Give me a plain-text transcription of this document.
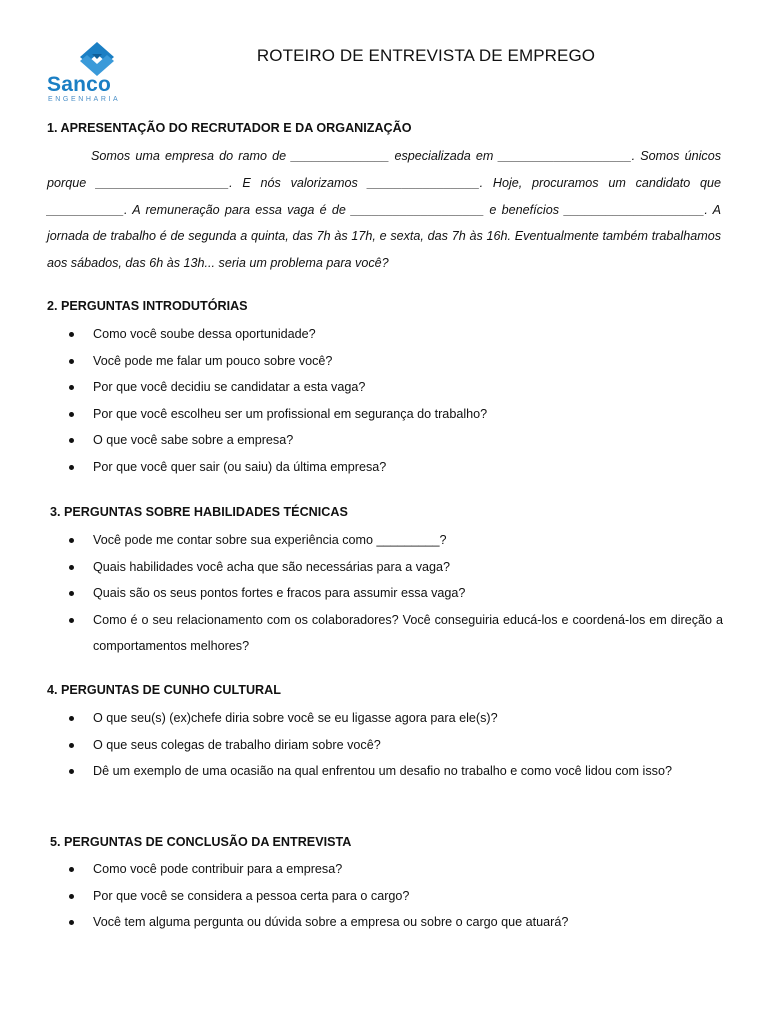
Sanco
ENGENHARIA
ROTEIRO DE ENTREVISTA DE EMPREGO
1. APRESENTAÇÃO DO RECRUTADOR E DA ORGANIZAÇÃO

Somos uma empresa do ramo de ______________ especializada em ___________________. Somos únicos porque ___________________. E nós valorizamos ________________. Hoje, procuramos um candidato que ___________. A remuneração para essa vaga é de ___________________ e benefícios ____________________. A jornada de trabalho é de segunda a quinta, das 7h às 17h, e sexta, das 7h às 16h. Eventualmente também trabalhamos aos sábados, das 6h às 13h... seria um problema para você?

2. PERGUNTAS INTRODUTÓRIAS
Como você soube dessa oportunidade?
Você pode me falar um pouco sobre você?
Por que você decidiu se candidatar a esta vaga?
Por que você escolheu ser um profissional em segurança do trabalho?
O que você sabe sobre a empresa?
Por que você quer sair (ou saiu) da última empresa?
3. PERGUNTAS SOBRE HABILIDADES TÉCNICAS
Você pode me contar sobre sua experiência como _________?
Quais habilidades você acha que são necessárias para a vaga?
Quais são os seus pontos fortes e fracos para assumir essa vaga?
Como é o seu relacionamento com os colaboradores? Você conseguiria educá-los e coordená-los em direção a comportamentos melhores?
4. PERGUNTAS DE CUNHO CULTURAL
O que seu(s) (ex)chefe diria sobre você se eu ligasse agora para ele(s)?
O que seus colegas de trabalho diriam sobre você?
Dê um exemplo de uma ocasião na qual enfrentou um desafio no trabalho e como você lidou com isso?
5. PERGUNTAS DE CONCLUSÃO DA ENTREVISTA
Como você pode contribuir para a empresa?
Por que você se considera a pessoa certa para o cargo?
Você tem alguma pergunta ou dúvida sobre a empresa ou sobre o cargo que atuará?
